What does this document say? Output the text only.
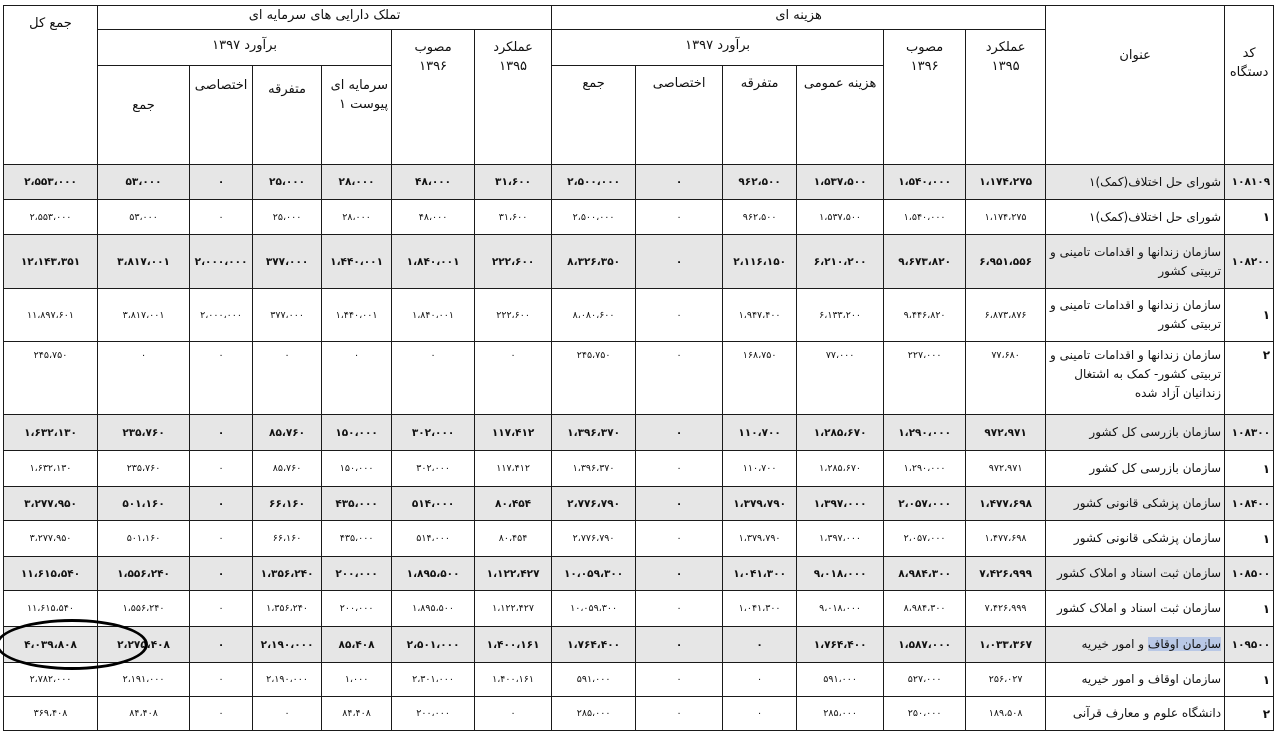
کد دستگاه	عنوان	هزینه ای						تملک دارایی های سرمایه ای						جمع کل
		عملکرد ۱۳۹۵	مصوب ۱۳۹۶	برآورد ۱۳۹۷				عملکرد ۱۳۹۵	مصوب ۱۳۹۶	برآورد ۱۳۹۷				
				هزینه عمومی	متفرقه	اختصاصی	جمع			سرمایه ای پیوست ۱	متفرقه	اختصاصی	جمع	
۱۰۸۱۰۹	شورای حل اختلاف(کمک)۱	۱،۱۷۴،۲۷۵	۱،۵۴۰،۰۰۰	۱،۵۳۷،۵۰۰	۹۶۲،۵۰۰	۰	۲،۵۰۰،۰۰۰	۳۱،۶۰۰	۴۸،۰۰۰	۲۸،۰۰۰	۲۵،۰۰۰	۰	۵۳،۰۰۰	۲،۵۵۳،۰۰۰
۱	شورای حل اختلاف(کمک)۱	۱،۱۷۴،۲۷۵	۱،۵۴۰،۰۰۰	۱،۵۳۷،۵۰۰	۹۶۲،۵۰۰	۰	۲،۵۰۰،۰۰۰	۳۱،۶۰۰	۴۸،۰۰۰	۲۸،۰۰۰	۲۵،۰۰۰	۰	۵۳،۰۰۰	۲،۵۵۳،۰۰۰
۱۰۸۲۰۰	سازمان زندانها و اقدامات تامینی و تربیتی کشور	۶،۹۵۱،۵۵۶	۹،۶۷۳،۸۲۰	۶،۲۱۰،۲۰۰	۲،۱۱۶،۱۵۰	۰	۸،۳۲۶،۳۵۰	۲۲۲،۶۰۰	۱،۸۴۰،۰۰۱	۱،۴۴۰،۰۰۱	۳۷۷،۰۰۰	۲،۰۰۰،۰۰۰	۳،۸۱۷،۰۰۱	۱۲،۱۴۳،۳۵۱
۱	سازمان زندانها و اقدامات تامینی و تربیتی کشور	۶،۸۷۳،۸۷۶	۹،۴۴۶،۸۲۰	۶،۱۳۳،۲۰۰	۱،۹۴۷،۴۰۰	۰	۸،۰۸۰،۶۰۰	۲۲۲،۶۰۰	۱،۸۴۰،۰۰۱	۱،۴۴۰،۰۰۱	۳۷۷،۰۰۰	۲،۰۰۰،۰۰۰	۳،۸۱۷،۰۰۱	۱۱،۸۹۷،۶۰۱
۲	سازمان زندانها و اقدامات تامینی و تربیتی کشور- کمک به اشتغال زندانیان آزاد شده	۷۷،۶۸۰	۲۲۷،۰۰۰	۷۷،۰۰۰	۱۶۸،۷۵۰	۰	۲۴۵،۷۵۰	۰	۰	۰	۰	۰	۰	۲۴۵،۷۵۰
۱۰۸۳۰۰	سازمان بازرسی کل کشور	۹۷۲،۹۷۱	۱،۲۹۰،۰۰۰	۱،۲۸۵،۶۷۰	۱۱۰،۷۰۰	۰	۱،۳۹۶،۳۷۰	۱۱۷،۴۱۲	۳۰۲،۰۰۰	۱۵۰،۰۰۰	۸۵،۷۶۰	۰	۲۳۵،۷۶۰	۱،۶۳۲،۱۳۰
۱	سازمان بازرسی کل کشور	۹۷۲،۹۷۱	۱،۲۹۰،۰۰۰	۱،۲۸۵،۶۷۰	۱۱۰،۷۰۰	۰	۱،۳۹۶،۳۷۰	۱۱۷،۴۱۲	۳۰۲،۰۰۰	۱۵۰،۰۰۰	۸۵،۷۶۰	۰	۲۳۵،۷۶۰	۱،۶۳۲،۱۳۰
۱۰۸۴۰۰	سازمان پزشکی قانونی کشور	۱،۴۷۷،۶۹۸	۲،۰۵۷،۰۰۰	۱،۳۹۷،۰۰۰	۱،۳۷۹،۷۹۰	۰	۲،۷۷۶،۷۹۰	۸۰،۴۵۴	۵۱۴،۰۰۰	۴۳۵،۰۰۰	۶۶،۱۶۰	۰	۵۰۱،۱۶۰	۳،۲۷۷،۹۵۰
۱	سازمان پزشکی قانونی کشور	۱،۴۷۷،۶۹۸	۲،۰۵۷،۰۰۰	۱،۳۹۷،۰۰۰	۱،۳۷۹،۷۹۰	۰	۲،۷۷۶،۷۹۰	۸۰،۴۵۴	۵۱۴،۰۰۰	۴۳۵،۰۰۰	۶۶،۱۶۰	۰	۵۰۱،۱۶۰	۳،۲۷۷،۹۵۰
۱۰۸۵۰۰	سازمان ثبت اسناد و املاک کشور	۷،۴۲۶،۹۹۹	۸،۹۸۴،۳۰۰	۹،۰۱۸،۰۰۰	۱،۰۴۱،۳۰۰	۰	۱۰،۰۵۹،۳۰۰	۱،۱۲۲،۴۲۷	۱،۸۹۵،۵۰۰	۲۰۰،۰۰۰	۱،۳۵۶،۲۴۰	۰	۱،۵۵۶،۲۴۰	۱۱،۶۱۵،۵۴۰
۱	سازمان ثبت اسناد و املاک کشور	۷،۴۲۶،۹۹۹	۸،۹۸۴،۳۰۰	۹،۰۱۸،۰۰۰	۱،۰۴۱،۳۰۰	۰	۱۰،۰۵۹،۳۰۰	۱،۱۲۲،۴۲۷	۱،۸۹۵،۵۰۰	۲۰۰،۰۰۰	۱،۳۵۶،۲۴۰	۰	۱،۵۵۶،۲۴۰	۱۱،۶۱۵،۵۴۰
۱۰۹۵۰۰	سازمان اوقاف و امور خیریه	۱،۰۳۳،۳۶۷	۱،۵۸۷،۰۰۰	۱،۷۶۴،۴۰۰	۰	۰	۱،۷۶۴،۴۰۰	۱،۴۰۰،۱۶۱	۲،۵۰۱،۰۰۰	۸۵،۴۰۸	۲،۱۹۰،۰۰۰	۰	۲،۲۷۵،۴۰۸	۴،۰۳۹،۸۰۸
۱	سازمان اوقاف و امور خیریه	۲۵۶،۰۲۷	۵۲۷،۰۰۰	۵۹۱،۰۰۰	۰	۰	۵۹۱،۰۰۰	۱،۴۰۰،۱۶۱	۲،۳۰۱،۰۰۰	۱،۰۰۰	۲،۱۹۰،۰۰۰	۰	۲،۱۹۱،۰۰۰	۲،۷۸۲،۰۰۰
۲	دانشگاه علوم و معارف قرآنی	۱۸۹،۵۰۸	۲۵۰،۰۰۰	۲۸۵،۰۰۰	۰	۰	۲۸۵،۰۰۰	۰	۲۰۰،۰۰۰	۸۴،۴۰۸	۰	۰	۸۴،۴۰۸	۳۶۹،۴۰۸
